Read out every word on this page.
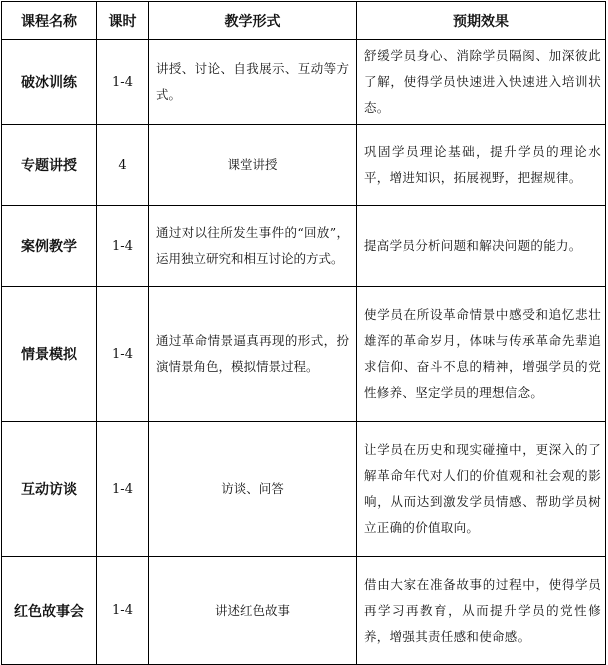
课程名称	课时	教学形式	预期效果
破冰训练	1-4	讲授、讨论、自我展示、互动等方式。	舒缓学员身心、消除学员隔阂、加深彼此了解，使得学员快速进入快速进入培训状态。
专题讲授	4	课堂讲授	巩固学员理论基础，提升学员的理论水平，增进知识，拓展视野，把握规律。
案例教学	1-4	通过对以往所发生事件的“回放”，运用独立研究和相互讨论的方式。	提高学员分析问题和解决问题的能力。
情景模拟	1-4	通过革命情景逼真再现的形式，扮演情景角色，模拟情景过程。	使学员在所设革命情景中感受和追忆悲壮雄浑的革命岁月，体味与传承革命先辈追求信仰、奋斗不息的精神，增强学员的党性修养、坚定学员的理想信念。
互动访谈	1-4	访谈、问答	让学员在历史和现实碰撞中，更深入的了解革命年代对人们的价值观和社会观的影响，从而达到激发学员情感、帮助学员树立正确的价值取向。
红色故事会	1-4	讲述红色故事	借由大家在准备故事的过程中，使得学员再学习再教育，从而提升学员的党性修养，增强其责任感和使命感。
